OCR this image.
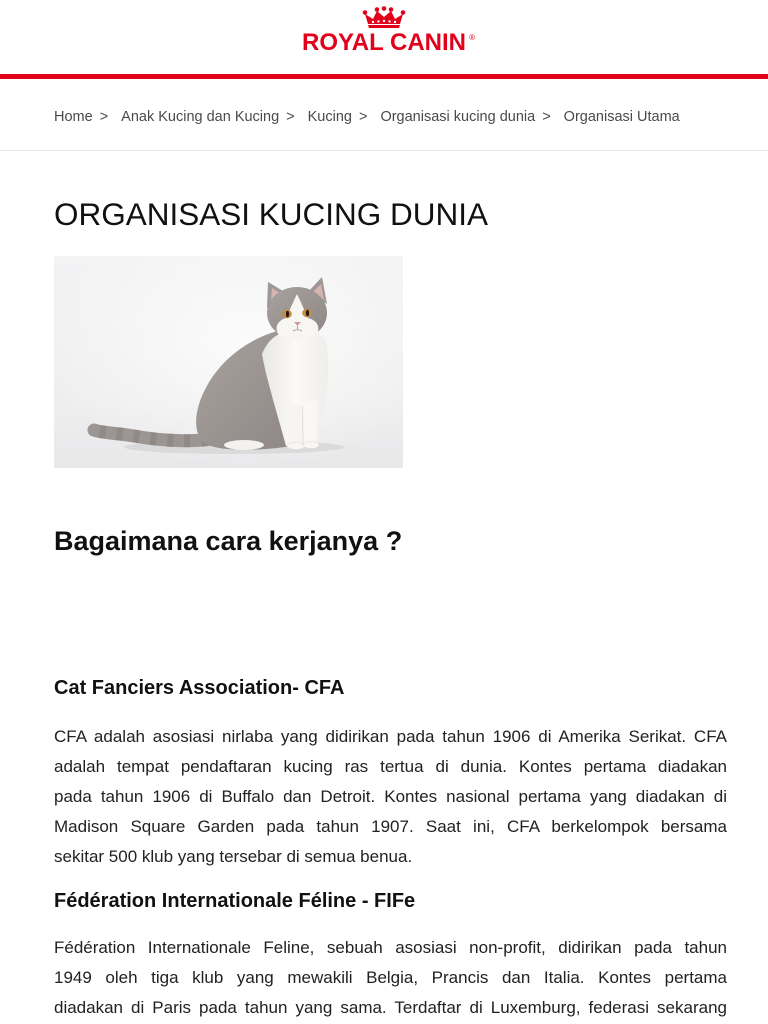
ROYAL CANIN ®
Home > Anak Kucing dan Kucing > Kucing > Organisasi kucing dunia > Organisasi Utama
ORGANISASI KUCING DUNIA
Bagaimana cara kerjanya ?
Cat Fanciers Association- CFA
CFA adalah asosiasi nirlaba yang didirikan pada tahun 1906 di Amerika Serikat. CFA
adalah tempat pendaftaran kucing ras tertua di dunia. Kontes pertama diadakan
pada tahun 1906 di Buffalo dan Detroit. Kontes nasional pertama yang diadakan di
Madison Square Garden pada tahun 1907. Saat ini, CFA berkelompok bersama
sekitar 500 klub yang tersebar di semua benua.
Fédération Internationale Féline - FIFe
Fédération Internationale Feline, sebuah asosiasi non-profit, didirikan pada tahun
1949 oleh tiga klub yang mewakili Belgia, Prancis dan Italia. Kontes pertama
diadakan di Paris pada tahun yang sama. Terdaftar di Luxemburg, federasi sekarang
